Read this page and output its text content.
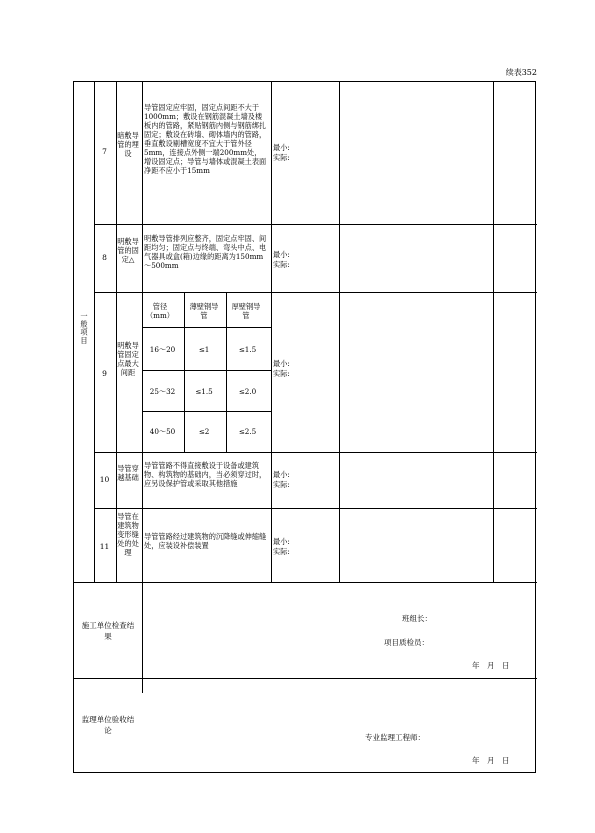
续表352
一般项目
7
暗敷导管的埋设
导管固定应牢固，固定点间距不大于1000mm；敷设在钢筋混凝土墙及楼板内的管路，紧贴钢筋内侧与钢筋绑扎固定；敷设在砖墙、砌体墙内的管路，垂直敷设剔槽宽度不宜大于管外径5mm，连接点外侧一端200mm处，增设固定点；导管与墙体或混凝土表面净距不应小于15mm
最小:
实际:
8
明敷导管的固定△
明敷导管排列应整齐，固定点牢固、间距均匀；固定点与终端、弯头中点、电气器具或盒(箱)边缘的距离为150mm～500mm
最小:
实际:
9
明敷导管固定点最大间距
最小:
实际:
管径（mm）
薄壁钢导管
厚壁钢导管
16～20	≤1	≤1.5
25～32	≤1.5	≤2.0
40～50	≤2	≤2.5
10
导管穿越基础
导管管路不得直接敷设于设备或建筑物、构筑物的基础内，当必须穿过时，应另设保护管或采取其他措施
最小:
实际:
11
导管在建筑物变形缝处的处理
导管管路经过建筑物的沉降缝或伸缩缝处，应装设补偿装置	最小:
实际:
施工单位检查结果
班组长：
项目质检员：
年　月　日
监理单位验收结论
专业监理工程师：
年　月　日
